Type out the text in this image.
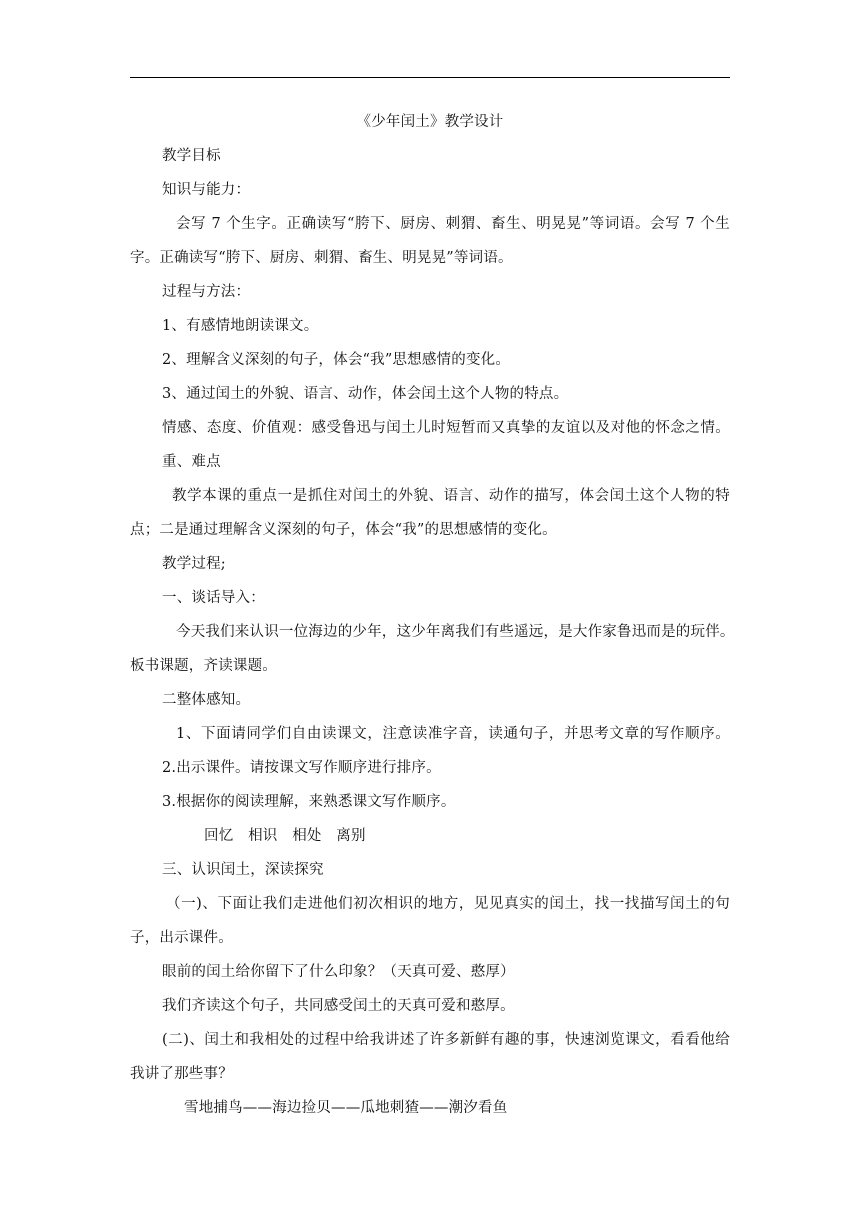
《少年闰土》教学设计
教学目标
知识与能力：
会写 7 个生字。正确读写“胯下、厨房、刺猬、畜生、明晃晃”等词语。会写 7 个生
字。正确读写“胯下、厨房、刺猬、畜生、明晃晃”等词语。
过程与方法：
1、有感情地朗读课文。
2、理解含义深刻的句子，体会“我”思想感情的变化。
3、通过闰土的外貌、语言、动作，体会闰土这个人物的特点。
情感、态度、价值观：感受鲁迅与闰土儿时短暂而又真挚的友谊以及对他的怀念之情。
重、难点
教学本课的重点一是抓住对闰土的外貌、语言、动作的描写，体会闰土这个人物的特
点；二是通过理解含义深刻的句子，体会“我”的思想感情的变化。
教学过程;
一、谈话导入：
今天我们来认识一位海边的少年，这少年离我们有些遥远，是大作家鲁迅而是的玩伴。
板书课题，齐读课题。
二整体感知。
1、下面请同学们自由读课文，注意读准字音，读通句子，并思考文章的写作顺序。
2.出示课件。请按课文写作顺序进行排序。
3.根据你的阅读理解，来熟悉课文写作顺序。
回忆　相识　相处　离别
三、认识闰土，深读探究
（一)、下面让我们走进他们初次相识的地方，见见真实的闰土，找一找描写闰土的句
子，出示课件。
眼前的闰土给你留下了什么印象？（天真可爱、憨厚）
我们齐读这个句子，共同感受闰土的天真可爱和憨厚。
(二)、闰土和我相处的过程中给我讲述了许多新鲜有趣的事，快速浏览课文，看看他给
我讲了那些事？
雪地捕鸟——海边捡贝——瓜地刺猹——潮汐看鱼
